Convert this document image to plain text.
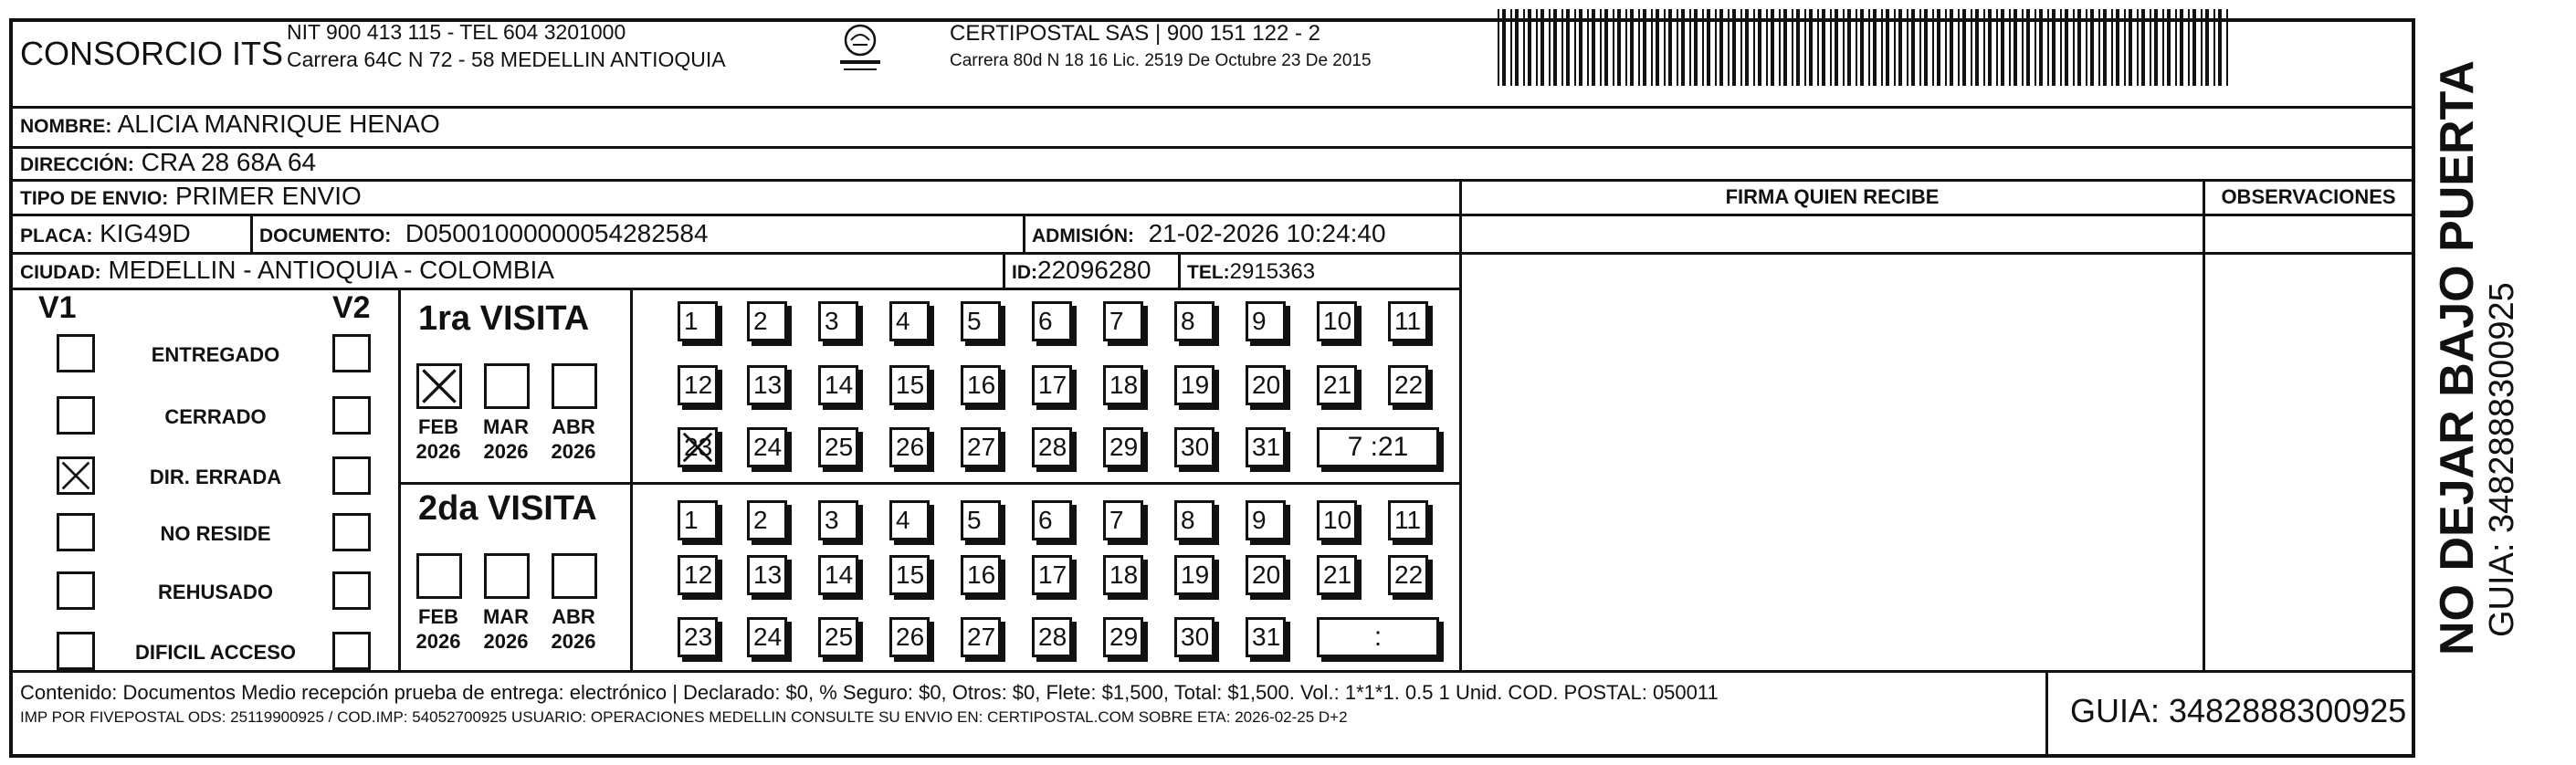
CONSORCIO ITS
NIT 900 413 115 - TEL 604 3201000
Carrera 64C N 72 - 58 MEDELLIN ANTIOQUIA
CERTIPOSTAL SAS | 900 151 122 - 2
Carrera 80d N 18 16 Lic. 2519 De Octubre 23 De 2015
NOMBRE: ALICIA MANRIQUE HENAO
DIRECCIÓN: CRA 28 68A 64
TIPO DE ENVIO: PRIMER ENVIO
PLACA: KIG49D	DOCUMENTO: D05001000000054282584	ADMISIÓN: 21-02-2026 10:24:40
CIUDAD: MEDELLIN - ANTIOQUIA - COLOMBIA	ID:22096280 TEL:2915363
FIRMA QUIEN RECIBE	OBSERVACIONES
V1	V2 1ra VISITA
2da VISITA
Contenido: Documentos Medio recepción prueba de entrega: electrónico | Declarado: $0, % Seguro: $0, Otros: $0, Flete: $1,500, Total: $1,500. Vol.: 1*1*1. 0.5 1 Unid. COD. POSTAL: 050011
IMP POR FIVEPOSTAL ODS: 25119900925 / COD.IMP: 54052700925 USUARIO: OPERACIONES MEDELLIN CONSULTE SU ENVIO EN: CERTIPOSTAL.COM SOBRE ETA: 2026-02-25 D+2	GUIA: 3482888300925
NO DEJAR BAJO PUERTA GUIA: 3482888300925
ENTREGADO
CERRADO
DIR. ERRADA
NO RESIDE
REHUSADO
DIFICIL ACCESO
FEB
2026
MAR
2026
ABR
2026
FEB
2026
MAR
2026
ABR
2026
1	2	3	4	5	6	7	8	9	10 11
12 13 14 15 16 17 18 19 20 21 22
23 24 25 26 27 28 29 30 31	7 :21
1	2	3	4	5	6	7	8	9	10 11
12 13 14 15 16 17 18 19 20 21 22
23 24 25 26 27 28 29 30 31	:
